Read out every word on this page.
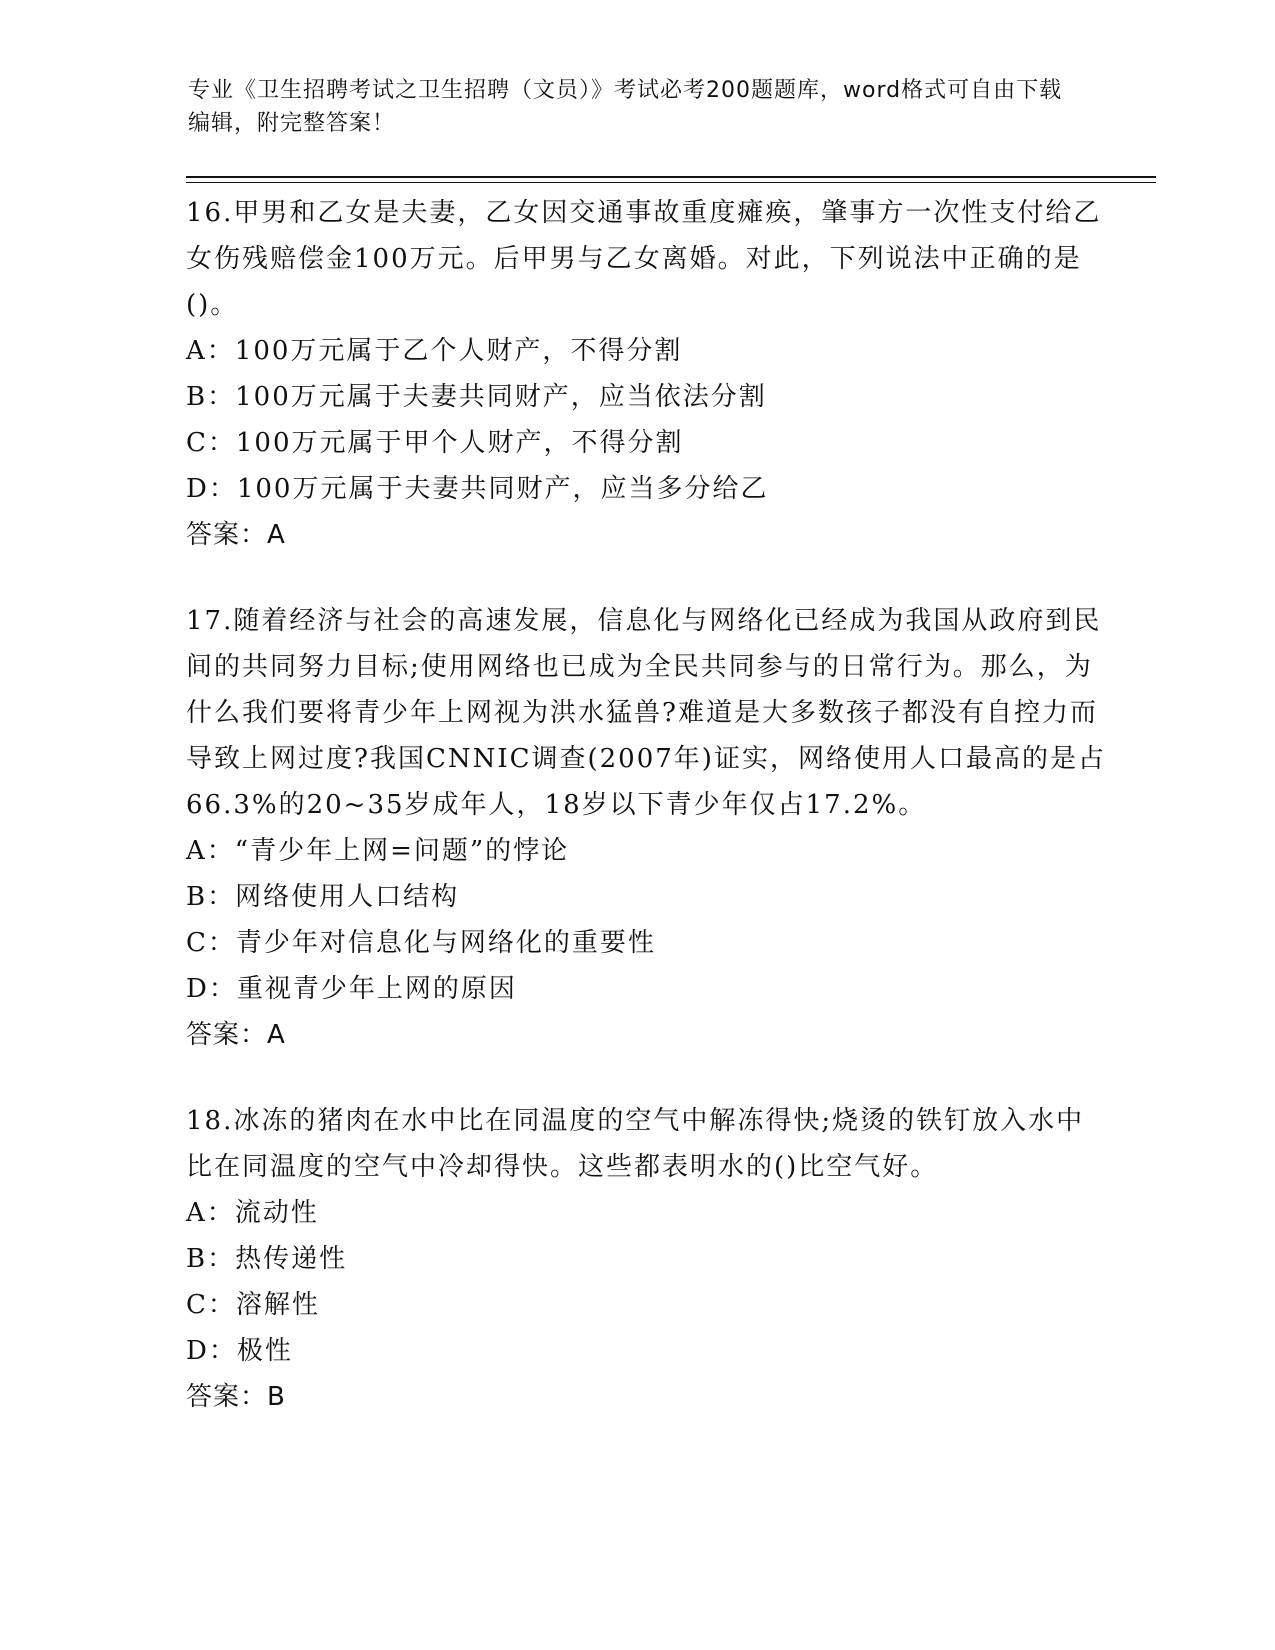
专业《卫生招聘考试之卫生招聘（文员）》考试必考200题题库，word格式可自由下载编辑，附完整答案！

16.甲男和乙女是夫妻，乙女因交通事故重度瘫痪，肇事方一次性支付给乙女伤残赔偿金100万元。后甲男与乙女离婚。对此，下列说法中正确的是()。

A：100万元属于乙个人财产，不得分割

B：100万元属于夫妻共同财产，应当依法分割

C：100万元属于甲个人财产，不得分割

D：100万元属于夫妻共同财产，应当多分给乙

答案：A

17.随着经济与社会的高速发展，信息化与网络化已经成为我国从政府到民间的共同努力目标;使用网络也已成为全民共同参与的日常行为。那么，为什么我们要将青少年上网视为洪水猛兽?难道是大多数孩子都没有自控力而导致上网过度?我国CNNIC调查(2007年)证实，网络使用人口最高的是占66.3%的20~35岁成年人，18岁以下青少年仅占17.2%。

A：“青少年上网=问题”的悖论

B：网络使用人口结构

C：青少年对信息化与网络化的重要性

D：重视青少年上网的原因

答案：A

18.冰冻的猪肉在水中比在同温度的空气中解冻得快;烧烫的铁钉放入水中比在同温度的空气中冷却得快。这些都表明水的()比空气好。

A：流动性

B：热传递性

C：溶解性

D：极性

答案：B
